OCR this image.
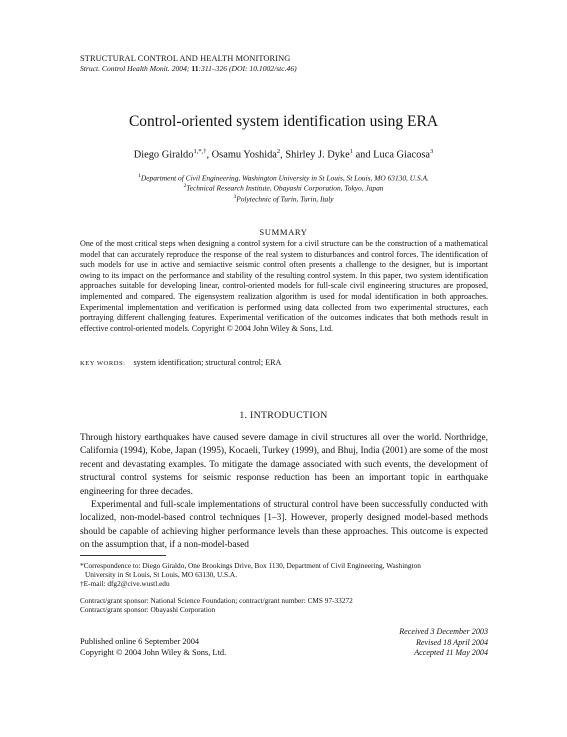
STRUCTURAL CONTROL AND HEALTH MONITORING
Struct. Control Health Monit. 2004; 11:311–326 (DOI: 10.1002/stc.46)
Control-oriented system identification using ERA
Diego Giraldo$^{1,*,\dagger}$, Osamu Yoshida$^2$, Shirley J. Dyke$^1$ and Luca Giacosa$^3$
$^1$Department of Civil Engineering, Washington University in St Louis, St Louis, MO 63130, U.S.A.
$^2$Technical Research Institute, Obayashi Corporation, Tokyo, Japan
$^3$Polytechnic of Turin, Turin, Italy
SUMMARY
One of the most critical steps when designing a control system for a civil structure can be the construction of a mathematical model that can accurately reproduce the response of the real system to disturbances and control forces. The identification of such models for use in active and semiactive seismic control often presents a challenge to the designer, but is important owing to its impact on the performance and stability of the resulting control system. In this paper, two system identification approaches suitable for developing linear, control-oriented models for full-scale civil engineering structures are proposed, implemented and compared. The eigensystem realization algorithm is used for modal identification in both approaches. Experimental implementation and verification is performed using data collected from two experimental structures, each portraying different challenging features. Experimental verification of the outcomes indicates that both methods result in effective control-oriented models. Copyright © 2004 John Wiley & Sons, Ltd.
KEY WORDS: system identification; structural control; ERA
1. INTRODUCTION

Through history earthquakes have caused severe damage in civil structures all over the world. Northridge, California (1994), Kobe, Japan (1995), Kocaeli, Turkey (1999), and Bhuj, India (2001) are some of the most recent and devastating examples. To mitigate the damage associated with such events, the development of structural control systems for seismic response reduction has been an important topic in earthquake engineering for three decades.

Experimental and full-scale implementations of structural control have been successfully conducted with localized, non-model-based control techniques [1–3]. However, properly designed model-based methods should be capable of achieving higher performance levels than these approaches. This outcome is expected on the assumption that, if a non-model-based

*Correspondence to: Diego Giraldo, One Brookings Drive, Box 1130, Department of Civil Engineering, Washington
University in St Louis, St Louis, MO 63130, U.S.A.
†E-mail: dfg2@cive.wustl.edu
Contract/grant sponsor: National Science Foundation; contract/grant number: CMS 97-33272
Contract/grant sponsor: Obayashi Corporation
Received 3 December 2003
Revised 18 April 2004
Accepted 11 May 2004
Published online 6 September 2004
Copyright © 2004 John Wiley & Sons, Ltd.
